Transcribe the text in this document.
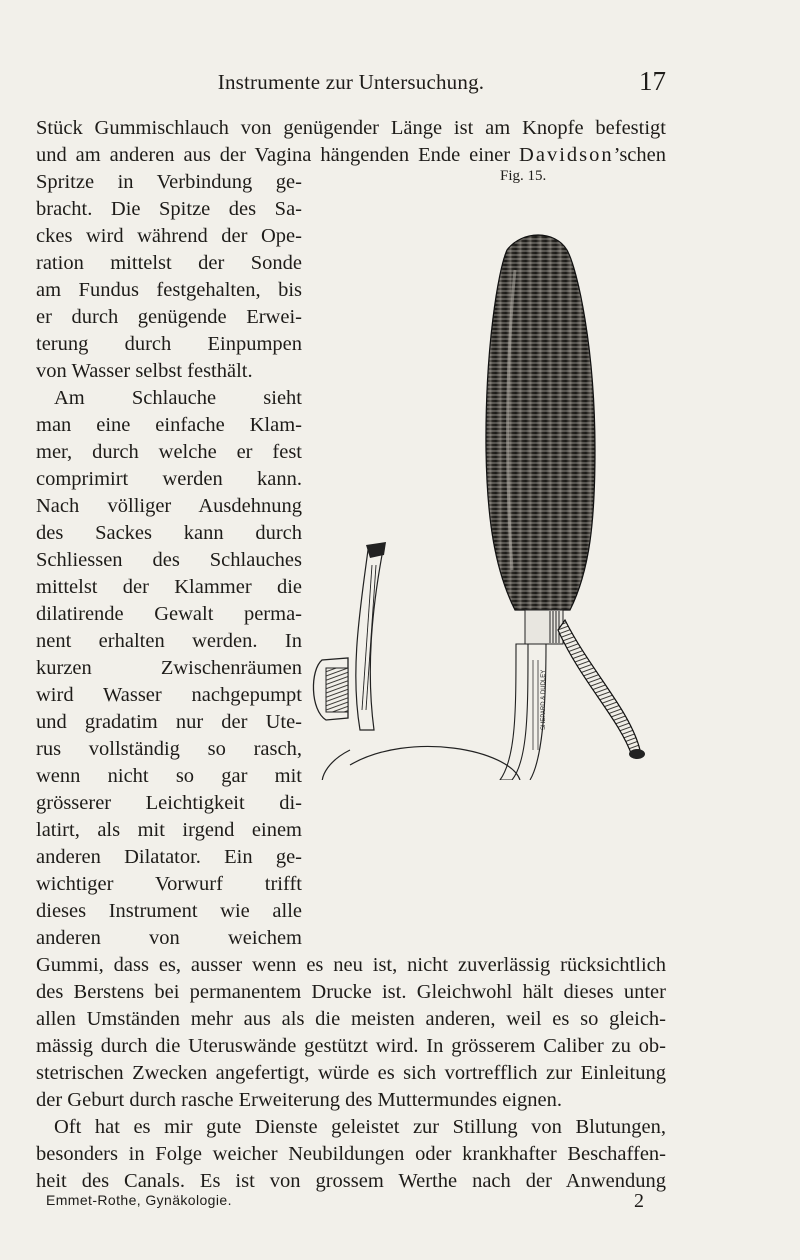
Instrumente zur Untersuchung.	17
Stück Gummischlauch von genügender Länge ist am Knopfe befestigt
und am anderen aus der Vagina hängenden Ende einer Davidson’schen
Spritze in Verbindung ge-
bracht. Die Spitze des Sa-
ckes wird während der Ope-
ration mittelst der Sonde
am Fundus festgehalten, bis
er durch genügende Erwei-
terung durch Einpumpen
von Wasser selbst festhält.
Am Schlauche sieht
man eine einfache Klam-
mer, durch welche er fest
comprimirt werden kann.
Nach völliger Ausdehnung
des Sackes kann durch
Schliessen des Schlauches
mittelst der Klammer die
dilatirende Gewalt perma-
nent erhalten werden. In
kurzen Zwischenräumen
wird Wasser nachgepumpt
und gradatim nur der Ute-
rus vollständig so rasch,
wenn nicht so gar mit
grösserer Leichtigkeit di-
latirt, als mit irgend einem
anderen Dilatator. Ein ge-
wichtiger Vorwurf trifft
dieses Instrument wie alle
anderen von weichem
Gummi, dass es, ausser wenn es neu ist, nicht zuverlässig rücksichtlich
des Berstens bei permanentem Drucke ist. Gleichwohl hält dieses unter
allen Umständen mehr aus als die meisten anderen, weil es so gleich-
mässig durch die Uteruswände gestützt wird. In grösserem Caliber zu ob-
stetrischen Zwecken angefertigt, würde es sich vortrefflich zur Einleitung
der Geburt durch rasche Erweiterung des Muttermundes eignen.
Oft hat es mir gute Dienste geleistet zur Stillung von Blutungen,
besonders in Folge weicher Neubildungen oder krankhafter Beschaffen-
heit des Canals. Es ist von grossem Werthe nach der Anwendung
Fig. 15.
SHEPARD & DUDLEY
Emmet-Rothe, Gynäkologie.	2
